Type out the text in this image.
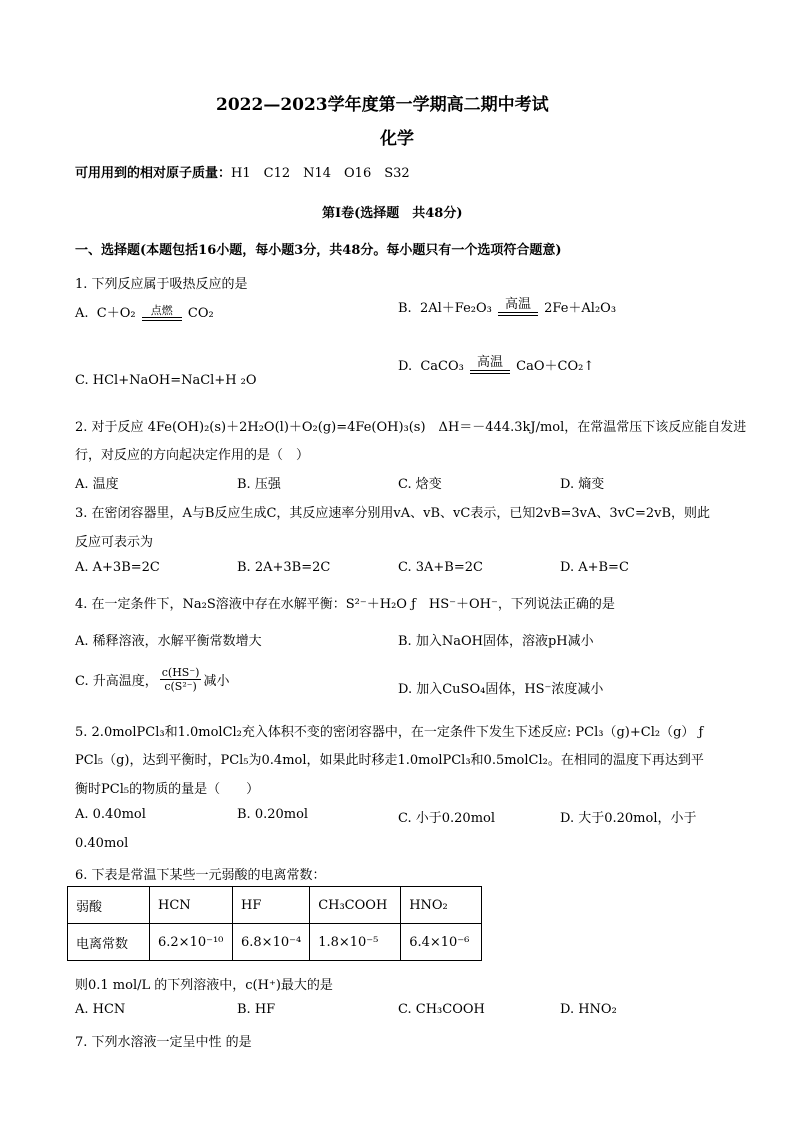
2022—2023学年度第一学期高二期中考试
化学
可用用到的相对原子质量：H1　C12　N14　O16　S32
第Ⅰ卷(选择题　共48分)
一、选择题(本题包括16小题，每小题3分，共48分。每小题只有一个选项符合题意)
1. 下列反应属于吸热反应的是
A. C＋O₂ 点燃 CO₂	B. 2Al＋Fe₂O₃ 高温 2Fe＋Al₂O₃
C. HCl+NaOH=NaCl+H ₂O
D. CaCO₃ 高温 CaO＋CO₂↑
2. 对于反应 4Fe(OH)₂(s)＋2H₂O(l)＋O₂(g)=4Fe(OH)₃(s)　ΔH＝－444.3kJ/mol，在常温常压下该反应能自发进
行，对反应的方向起决定作用的是（　）
A. 温度	B. 压强	C. 焓变	D. 熵变
3. 在密闭容器里，A与B反应生成C，其反应速率分别用vA、vB、vC表示，已知2vB=3vA、3vC=2vB，则此
反应可表示为
A. A+3B=2C	B. 2A+3B=2C	C. 3A+B=2C	D. A+B=C
4. 在一定条件下，Na₂S溶液中存在水解平衡：S²⁻＋H₂O ƒ　HS⁻＋OH⁻，下列说法正确的是
A. 稀释溶液，水解平衡常数增大	B. 加入NaOH固体，溶液pH减小
C. 升高温度， $\frac{c(HS^-)}{\text{c(S²⁻)}}$ 减小
D. 加入CuSO₄固体，HS⁻浓度减小
5. 2.0molPCl₃和1.0molCl₂充入体积不变的密闭容器中，在一定条件下发生下述反应: PCl₃（g)+Cl₂（g） ƒ
PCl₅（g)，达到平衡时，PCl₅为0.4mol，如果此时移走1.0molPCl₃和0.5molCl₂。在相同的温度下再达到平
衡时PCl₅的物质的量是（　　）
A. 0.40mol	B. 0.20mol	C. 小于0.20mol	D. 大于0.20mol，小于
0.40mol
6. 下表是常温下某些一元弱酸的电离常数：
弱酸	HCN	HF	CH₃COOH	HNO₂
电离常数	6.2×10⁻¹⁰	6.8×10⁻⁴	1.8×10⁻⁵	6.4×10⁻⁶
则0.1 mol/L 的下列溶液中，c(H⁺)最大的是
A. HCN	B. HF	C. CH₃COOH	D. HNO₂
7. 下列水溶液一定呈中性 的是
